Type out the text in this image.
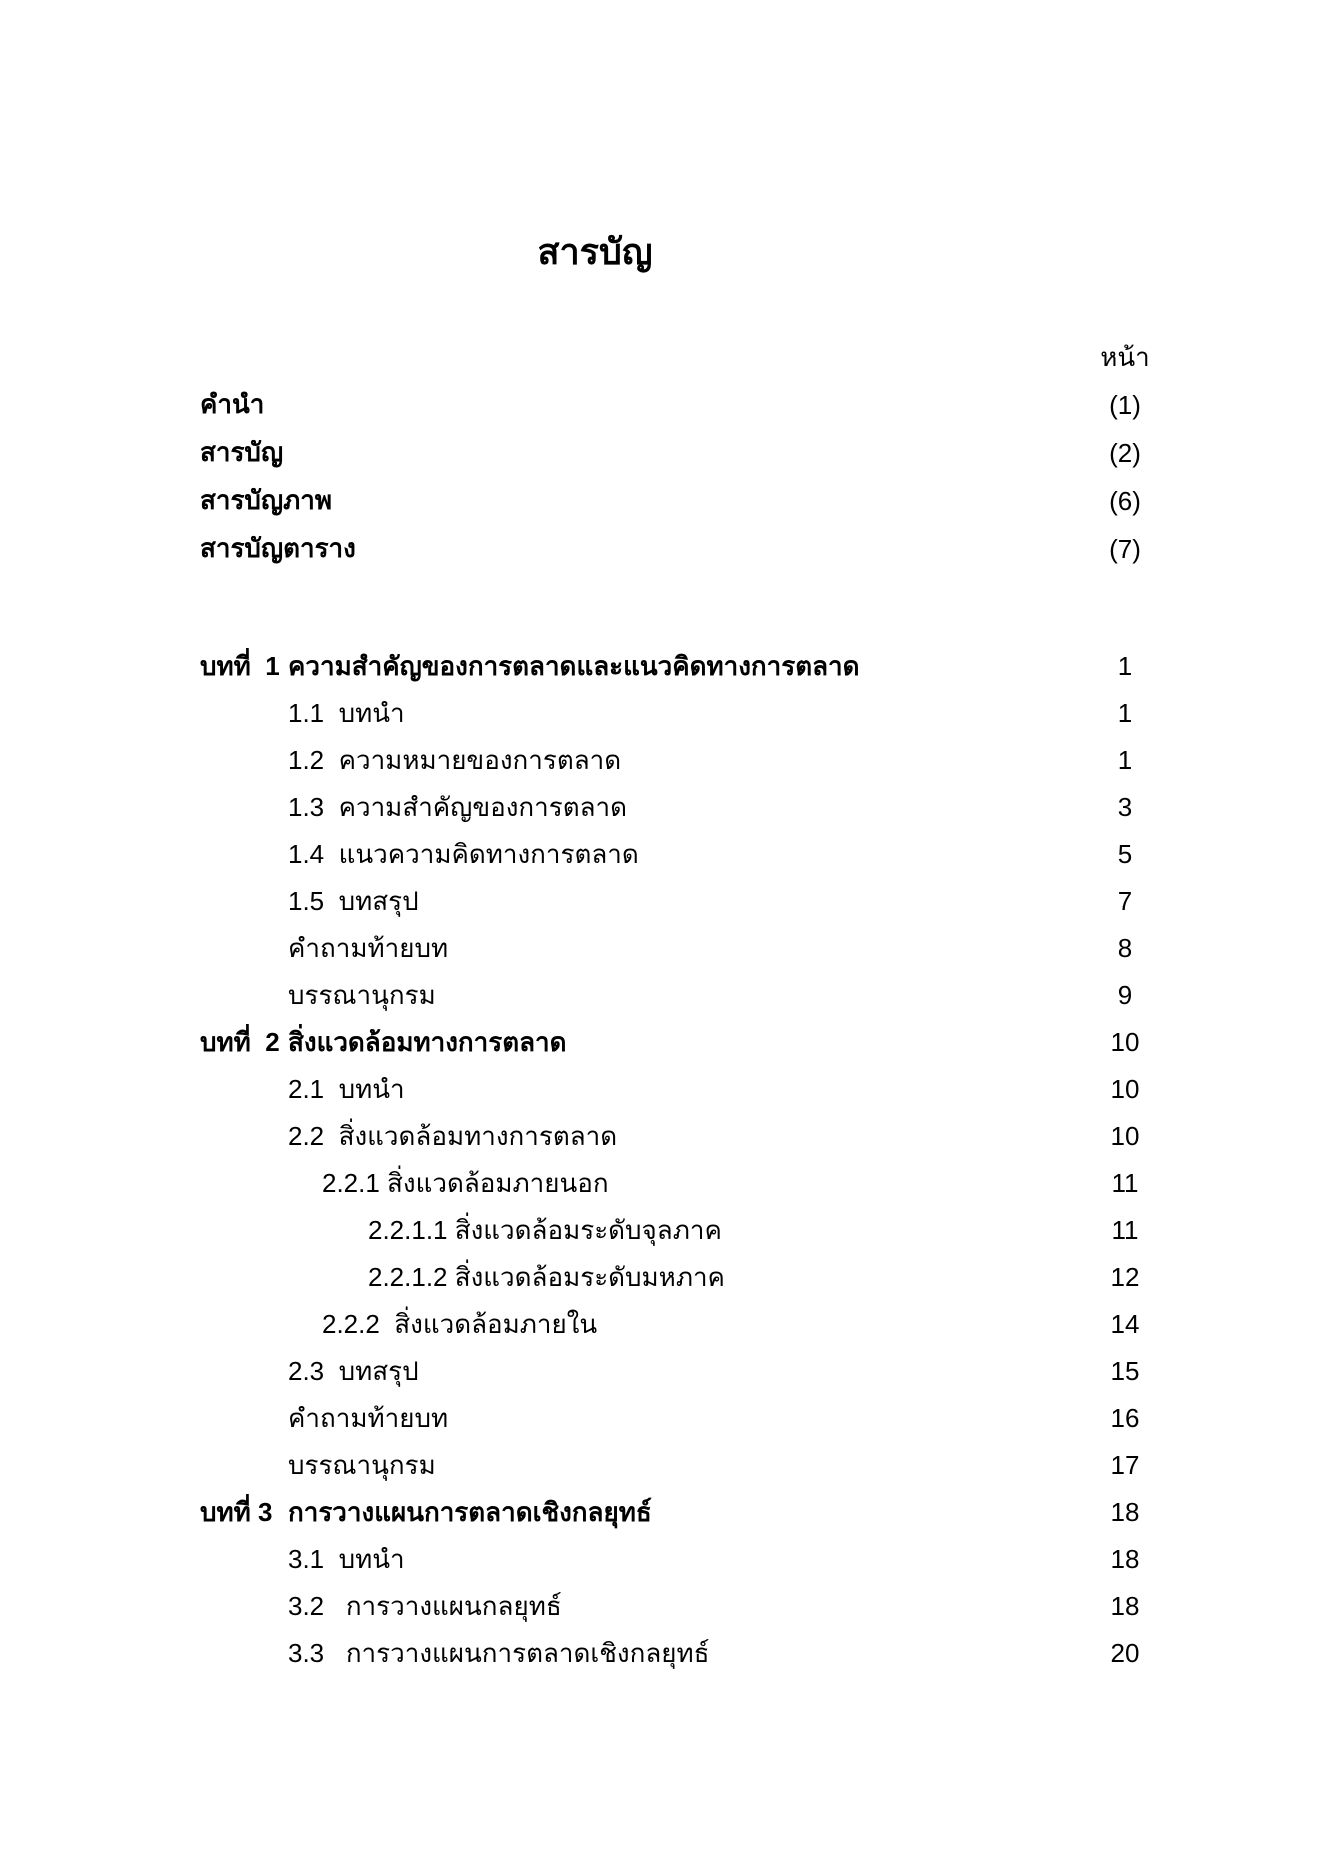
สารบัญ
หน้า
คำนำ	(1)
สารบัญ	(2)
สารบัญภาพ	(6)
สารบัญตาราง	(7)
บทที่  1 ความสำคัญของการตลาดและแนวคิดทางการตลาด	1
1.1  บทนำ	1
1.2  ความหมายของการตลาด	1
1.3  ความสำคัญของการตลาด	3
1.4  แนวความคิดทางการตลาด	5
1.5  บทสรุป	7
คำถามท้ายบท	8
บรรณานุกรม	9
บทที่  2 สิ่งแวดล้อมทางการตลาด	10
2.1  บทนำ	10
2.2  สิ่งแวดล้อมทางการตลาด	10
2.2.1 สิ่งแวดล้อมภายนอก	11
2.2.1.1 สิ่งแวดล้อมระดับจุลภาค	11
2.2.1.2 สิ่งแวดล้อมระดับมหภาค	12
2.2.2  สิ่งแวดล้อมภายใน	14
2.3  บทสรุป	15
คำถามท้ายบท	16
บรรณานุกรม	17
บทที่ 3 การวางแผนการตลาดเชิงกลยุทธ์	18
3.1  บทนำ	18
3.2   การวางแผนกลยุทธ์	18
3.3   การวางแผนการตลาดเชิงกลยุทธ์	20
